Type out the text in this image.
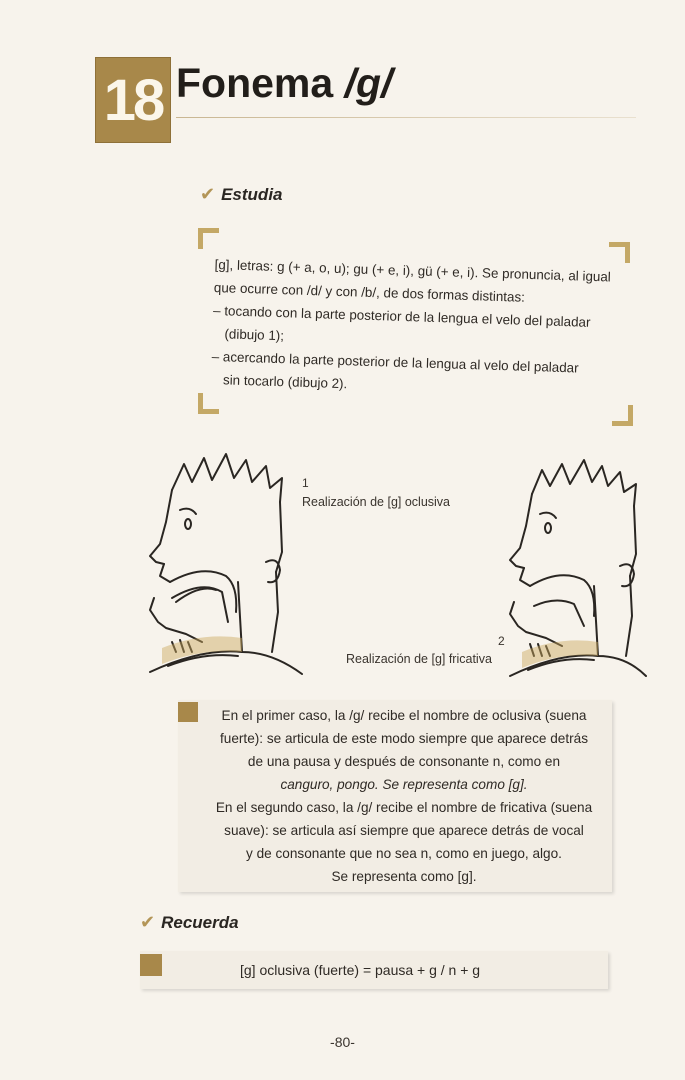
18 Fonema /g/
✔ Estudia

[g], letras: g (+ a, o, u); gu (+ e, i), gü (+ e, i). Se pronuncia, al igual

que ocurre con /d/ y con /b/, de dos formas distintas:

– tocando con la parte posterior de la lengua el velo del paladar

(dibujo 1);

– acercando la parte posterior de la lengua al velo del paladar

sin tocarlo (dibujo 2).

1
Realización de [g] oclusiva
2
Realización de [g] fricativa

En el primer caso, la /g/ recibe el nombre de oclusiva (suena

fuerte): se articula de este modo siempre que aparece detrás

de una pausa y después de consonante n, como en

canguro, pongo. Se representa como [g].

En el segundo caso, la /g/ recibe el nombre de fricativa (suena

suave): se articula así siempre que aparece detrás de vocal

y de consonante que no sea n, como en juego, algo.

Se representa como [g].

✔ Recuerda
[g] oclusiva (fuerte) = pausa + g / n + g
-80-
